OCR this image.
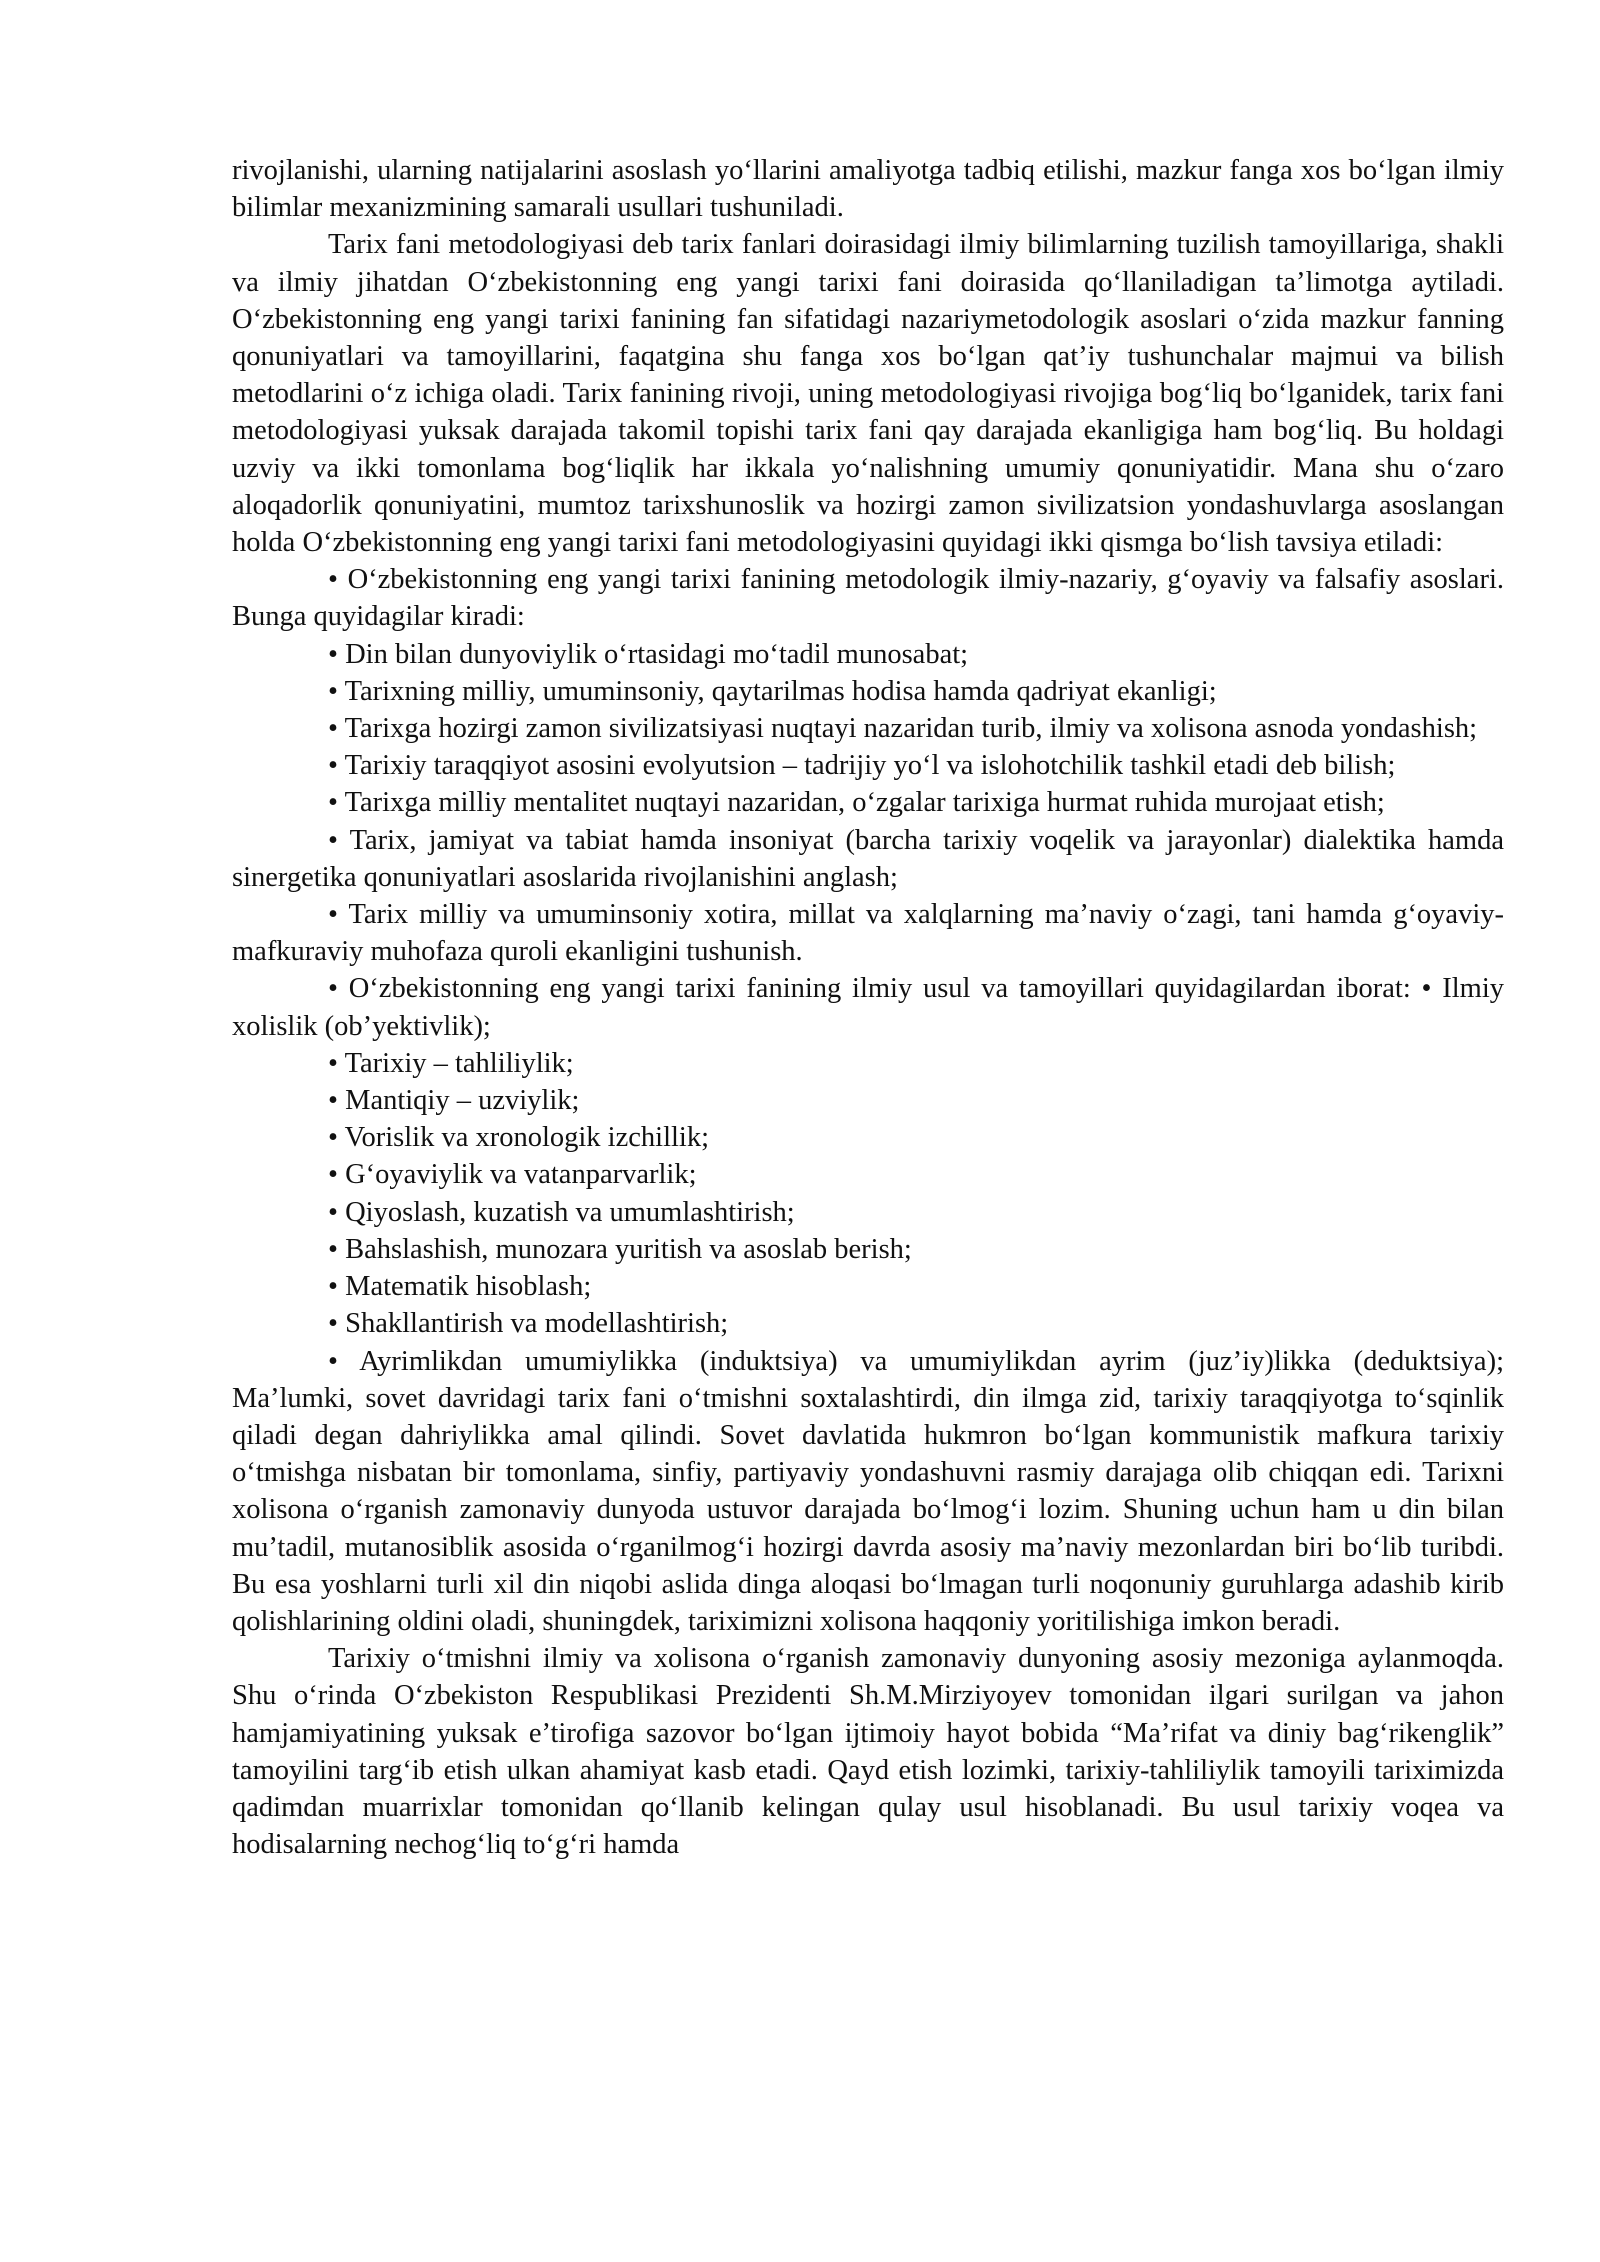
rivojlanishi, ularning natijalarini asoslash yo‘llarini amaliyotga tadbiq etilishi, mazkur fanga xos bo‘lgan ilmiy bilimlar mexanizmining samarali usullari tushuniladi.

Tarix fani metodologiyasi deb tarix fanlari doirasidagi ilmiy bilimlarning tuzilish tamoyillariga, shakli va ilmiy jihatdan O‘zbekistonning eng yangi tarixi fani doirasida qo‘llaniladigan ta’limotga aytiladi. O‘zbekistonning eng yangi tarixi fanining fan sifatidagi nazariymetodologik asoslari o‘zida mazkur fanning qonuniyatlari va tamoyillarini, faqatgina shu fanga xos bo‘lgan qat’iy tushunchalar majmui va bilish metodlarini o‘z ichiga oladi. Tarix fanining rivoji, uning metodologiyasi rivojiga bog‘liq bo‘lganidek, tarix fani metodologiyasi yuksak darajada takomil topishi tarix fani qay darajada ekanligiga ham bog‘liq. Bu holdagi uzviy va ikki tomonlama bog‘liqlik har ikkala yo‘nalishning umumiy qonuniyatidir. Mana shu o‘zaro aloqadorlik qonuniyatini, mumtoz tarixshunoslik va hozirgi zamon sivilizatsion yondashuvlarga asoslangan holda O‘zbekistonning eng yangi tarixi fani metodologiyasini quyidagi ikki qismga bo‘lish tavsiya etiladi:

• O‘zbekistonning eng yangi tarixi fanining metodologik ilmiy-nazariy, g‘oyaviy va falsafiy asoslari. Bunga quyidagilar kiradi:

• Din bilan dunyoviylik o‘rtasidagi mo‘tadil munosabat;

• Tarixning milliy, umuminsoniy, qaytarilmas hodisa hamda qadriyat ekanligi;

• Tarixga hozirgi zamon sivilizatsiyasi nuqtayi nazaridan turib, ilmiy va xolisona asnoda yondashish;

• Tarixiy taraqqiyot asosini evolyutsion – tadrijiy yo‘l va islohotchilik tashkil etadi deb bilish;

• Tarixga milliy mentalitet nuqtayi nazaridan, o‘zgalar tarixiga hurmat ruhida murojaat etish;

• Tarix, jamiyat va tabiat hamda insoniyat (barcha tarixiy voqelik va jarayonlar) dialektika hamda sinergetika qonuniyatlari asoslarida rivojlanishini anglash;

• Tarix milliy va umuminsoniy xotira, millat va xalqlarning ma’naviy o‘zagi, tani hamda g‘oyaviy-mafkuraviy muhofaza quroli ekanligini tushunish.

• O‘zbekistonning eng yangi tarixi fanining ilmiy usul va tamoyillari quyidagilardan iborat: • Ilmiy xolislik (ob’yektivlik);

• Tarixiy – tahliliylik;

• Mantiqiy – uzviylik;

• Vorislik va xronologik izchillik;

• G‘oyaviylik va vatanparvarlik;

• Qiyoslash, kuzatish va umumlashtirish;

• Bahslashish, munozara yuritish va asoslab berish;

• Matematik hisoblash;

• Shakllantirish va modellashtirish;

• Ayrimlikdan umumiylikka (induktsiya) va umumiylikdan ayrim (juz’iy)likka (deduktsiya); Ma’lumki, sovet davridagi tarix fani o‘tmishni soxtalashtirdi, din ilmga zid, tarixiy taraqqiyotga to‘sqinlik qiladi degan dahriylikka amal qilindi. Sovet davlatida hukmron bo‘lgan kommunistik mafkura tarixiy o‘tmishga nisbatan bir tomonlama, sinfiy, partiyaviy yondashuvni rasmiy darajaga olib chiqqan edi. Tarixni xolisona o‘rganish zamonaviy dunyoda ustuvor darajada bo‘lmog‘i lozim. Shuning uchun ham u din bilan mu’tadil, mutanosiblik asosida o‘rganilmog‘i hozirgi davrda asosiy ma’naviy mezonlardan biri bo‘lib turibdi. Bu esa yoshlarni turli xil din niqobi aslida dinga aloqasi bo‘lmagan turli noqonuniy guruhlarga adashib kirib qolishlarining oldini oladi, shuningdek, tariximizni xolisona haqqoniy yoritilishiga imkon beradi.

Tarixiy o‘tmishni ilmiy va xolisona o‘rganish zamonaviy dunyoning asosiy mezoniga aylanmoqda. Shu o‘rinda O‘zbekiston Respublikasi Prezidenti Sh.M.Mirziyoyev tomonidan ilgari surilgan va jahon hamjamiyatining yuksak e’tirofiga sazovor bo‘lgan ijtimoiy hayot bobida “Ma’rifat va diniy bag‘rikenglik” tamoyilini targ‘ib etish ulkan ahamiyat kasb etadi. Qayd etish lozimki, tarixiy-tahliliylik tamoyili tariximizda qadimdan muarrixlar tomonidan qo‘llanib kelingan qulay usul hisoblanadi. Bu usul tarixiy voqea va hodisalarning nechog‘liq to‘g‘ri hamda
